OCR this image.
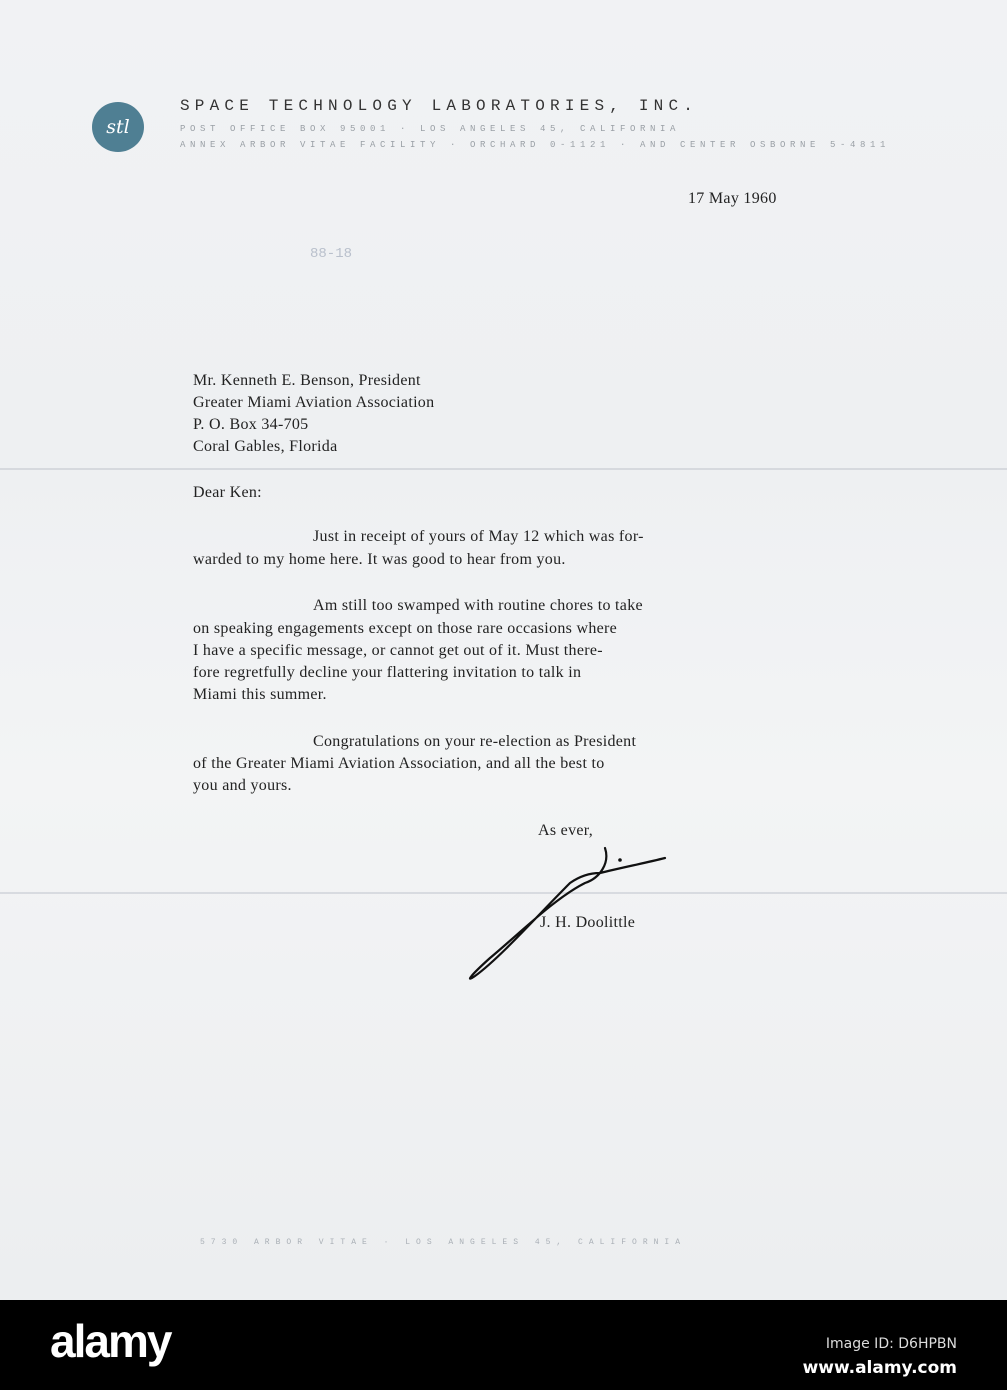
stl
SPACE TECHNOLOGY LABORATORIES, INC.
POST OFFICE BOX 95001 · LOS ANGELES 45, CALIFORNIA
ANNEX ARBOR VITAE FACILITY · ORCHARD 0-1121 · AND CENTER OSBORNE 5-4811
17 May 1960
88-18
Mr. Kenneth E. Benson, President
Greater Miami Aviation Association
P. O. Box 34-705
Coral Gables, Florida
Dear Ken:
Just in receipt of yours of May 12 which was for-
warded to my home here. It was good to hear from you.
Am still too swamped with routine chores to take
on speaking engagements except on those rare occasions where
I have a specific message, or cannot get out of it. Must there-
fore regretfully decline your flattering invitation to talk in
Miami this summer.
Congratulations on your re-election as President
of the Greater Miami Aviation Association, and all the best to
you and yours.
As ever,
J. H. Doolittle
5730 ARBOR VITAE · LOS ANGELES 45, CALIFORNIA
alamy	Image ID: D6HPBN
www.alamy.com
